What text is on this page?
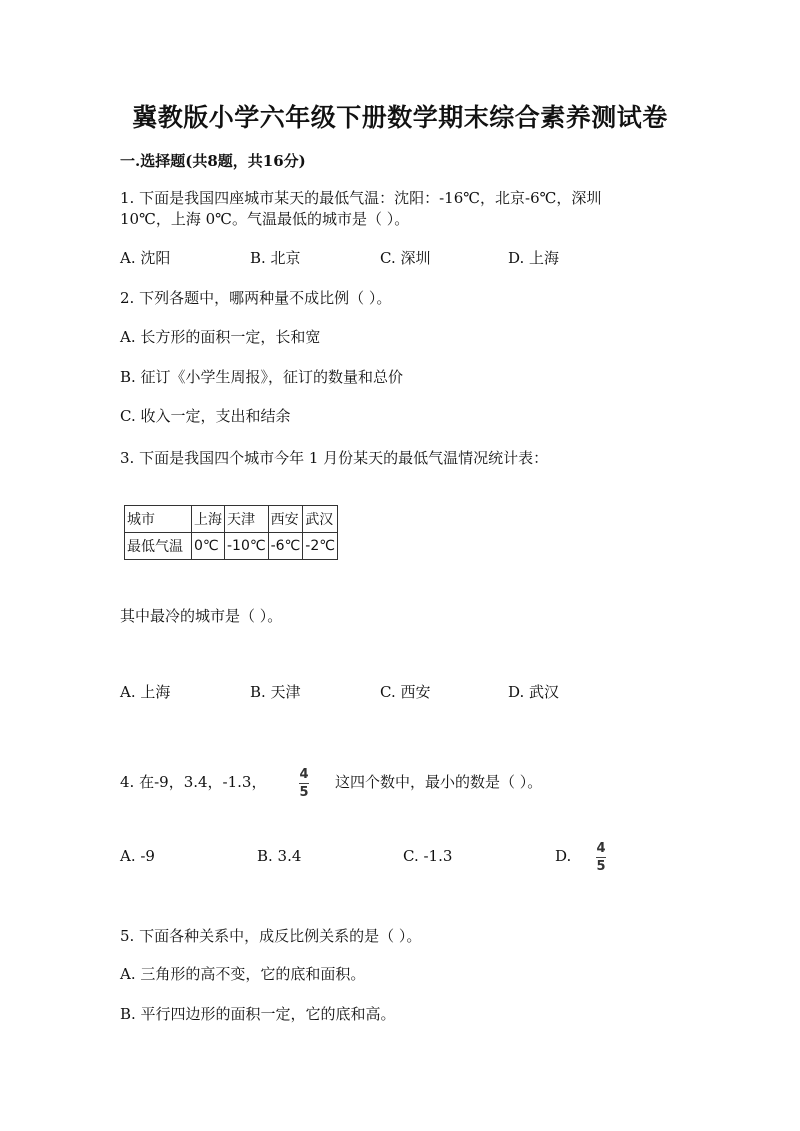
冀教版小学六年级下册数学期末综合素养测试卷
一.选择题(共8题，共16分)
1. 下面是我国四座城市某天的最低气温：沈阳：-16℃，北京-6℃，深圳
10℃，上海 0℃。气温最低的城市是（ ）。
A. 沈阳	B. 北京	C. 深圳	D. 上海
2. 下列各题中，哪两种量不成比例（ ）。
A. 长方形的面积一定，长和宽
B. 征订《小学生周报》，征订的数量和总价
C. 收入一定，支出和结余
3. 下面是我国四个城市今年 1 月份某天的最低气温情况统计表：
城市	上海	天津	西安	武汉
最低气温	0℃	-10℃	-6℃	-2℃
其中最冷的城市是（ ）。
A. 上海	B. 天津	C. 西安	D. 武汉
4. 在-9，3.4，-1.3，	4
5
这四个数中，最小的数是（ ）。
A. -9	B. 3.4	C. -1.3	D. 4
5
5. 下面各种关系中，成反比例关系的是（ ）。
A. 三角形的高不变，它的底和面积。
B. 平行四边形的面积一定，它的底和高。
